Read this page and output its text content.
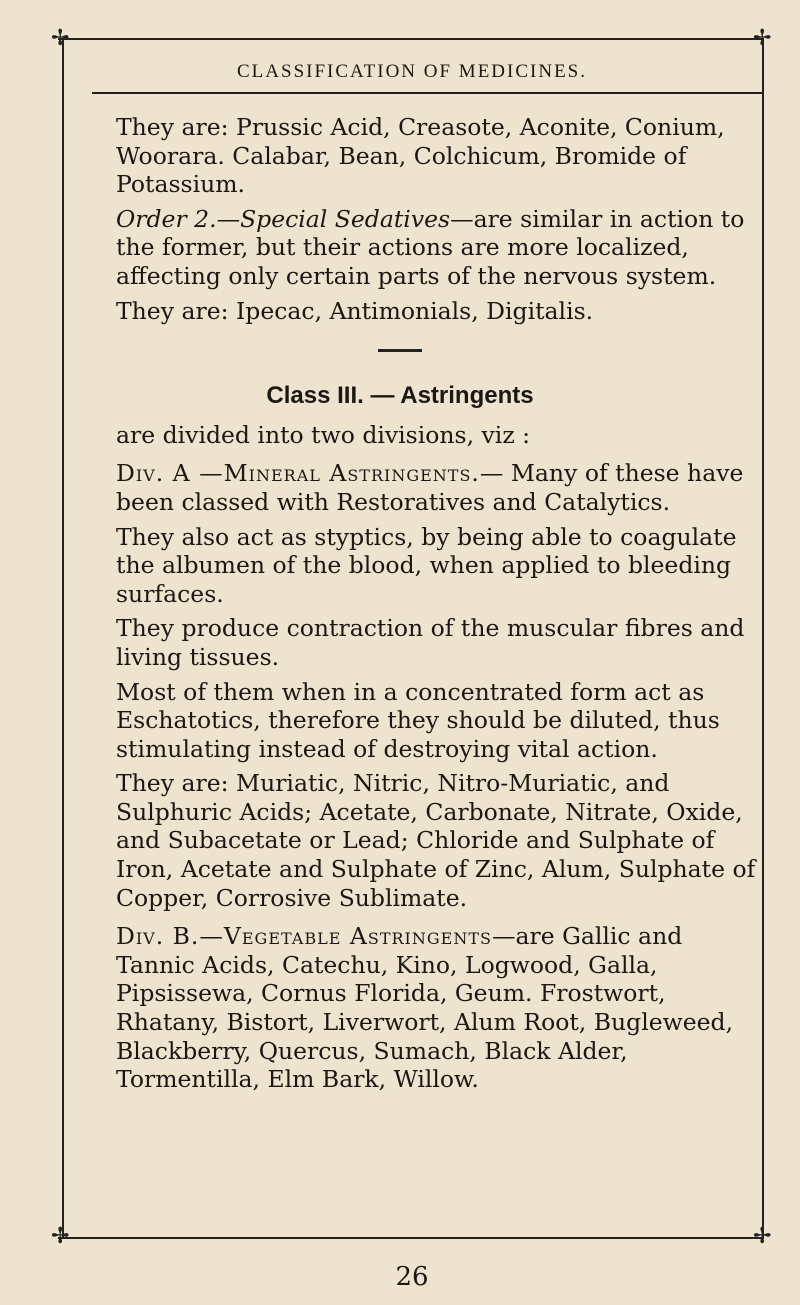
✢	✢
✢	✢
CLASSIFICATION OF MEDICINES.

They are: Prussic Acid, Creasote, Aconite, Conium, Woorara. Calabar, Bean, Colchicum, Bromide of Potassium.

Order 2.—Special Sedatives—are similar in action to the former, but their actions are more localized, affecting only certain parts of the nervous system.

They are: Ipecac, Antimonials, Digitalis.

Class III. — Astringents

are divided into two divisions, viz :

Div. A —Mineral Astringents.— Many of these have been classed with Restoratives and Catalytics.

They also act as styptics, by being able to coagulate the albumen of the blood, when applied to bleeding surfaces.

They produce contraction of the muscular fibres and living tissues.

Most of them when in a concentrated form act as Eschatotics, therefore they should be diluted, thus stimulating instead of destroying vital action.

They are: Muriatic, Nitric, Nitro-Muriatic, and Sulphuric Acids; Acetate, Carbonate, Nitrate, Oxide, and Subacetate or Lead; Chloride and Sulphate of Iron, Acetate and Sulphate of Zinc, Alum, Sulphate of Copper, Corrosive Sublimate.

Div. B.—Vegetable Astringents—are Gallic and Tannic Acids, Catechu, Kino, Logwood, Galla, Pipsissewa, Cornus Florida, Geum. Frostwort, Rhatany, Bistort, Liverwort, Alum Root, Bugleweed, Blackberry, Quercus, Sumach, Black Alder, Tormentilla, Elm Bark, Willow.

26
